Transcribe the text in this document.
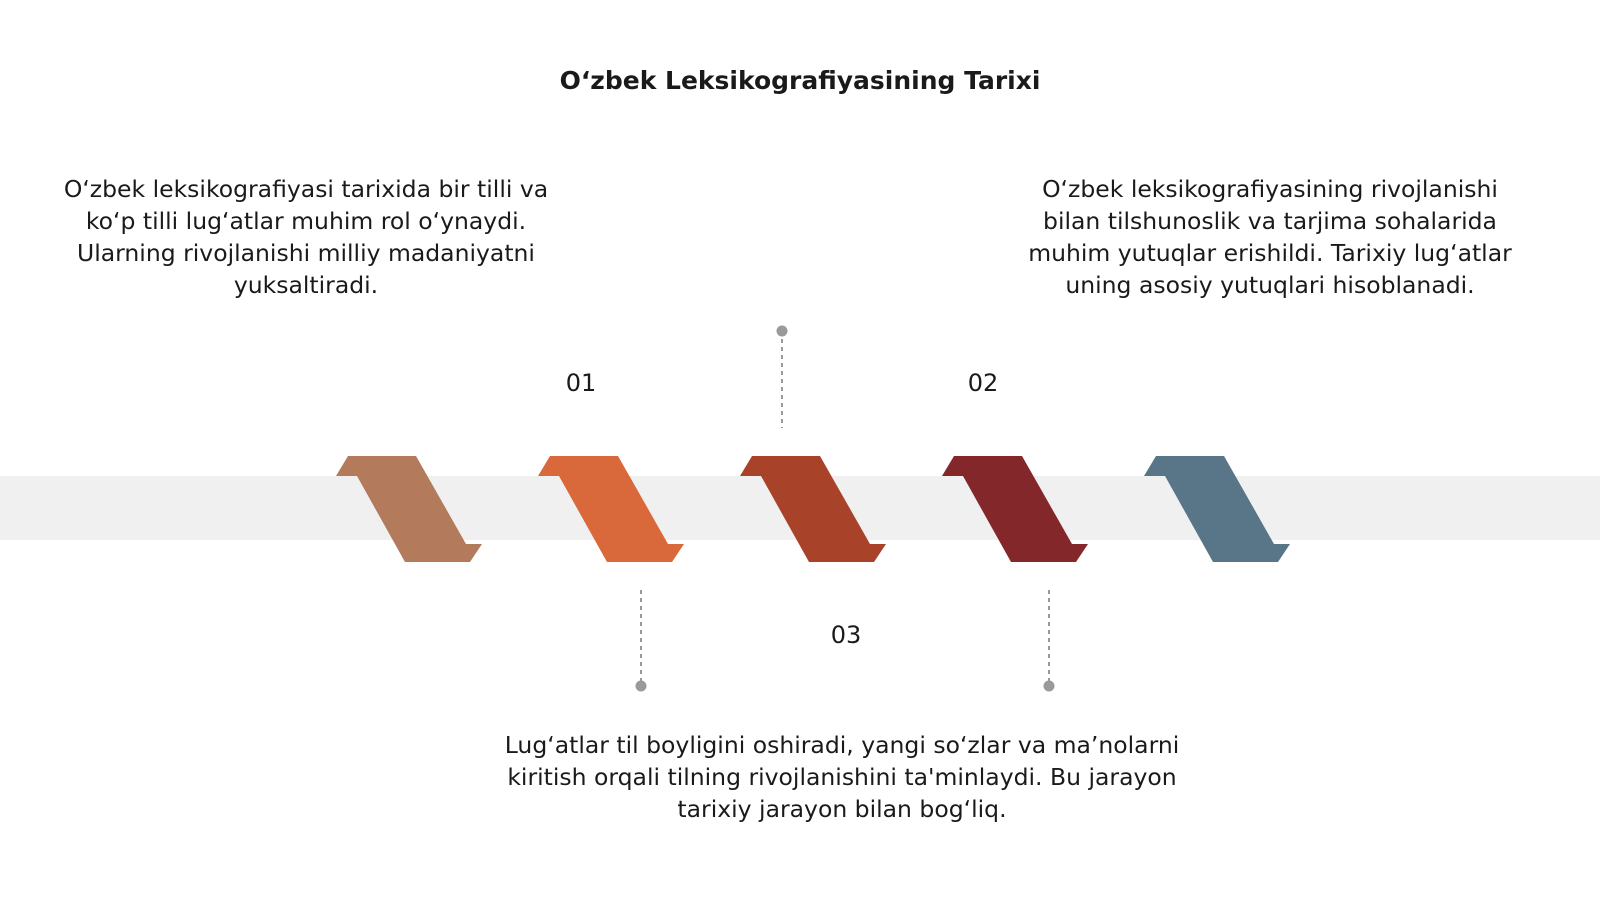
O‘zbek Leksikografiyasining Tarixi

O‘zbek leksikografiyasi tarixida bir tilli va ko‘p tilli lug‘atlar muhim rol o‘ynaydi. Ularning rivojlanishi milliy madaniyatni yuksaltiradi.

O‘zbek leksikografiyasining rivojlanishi bilan tilshunoslik va tarjima sohalarida muhim yutuqlar erishildi. Tarixiy lug‘atlar uning asosiy yutuqlari hisoblanadi.

Lug‘atlar til boyligini oshiradi, yangi so‘zlar va ma’nolarni kiritish orqali tilning rivojlanishini ta'minlaydi. Bu jarayon tarixiy jarayon bilan bog‘liq.

01	02
03
